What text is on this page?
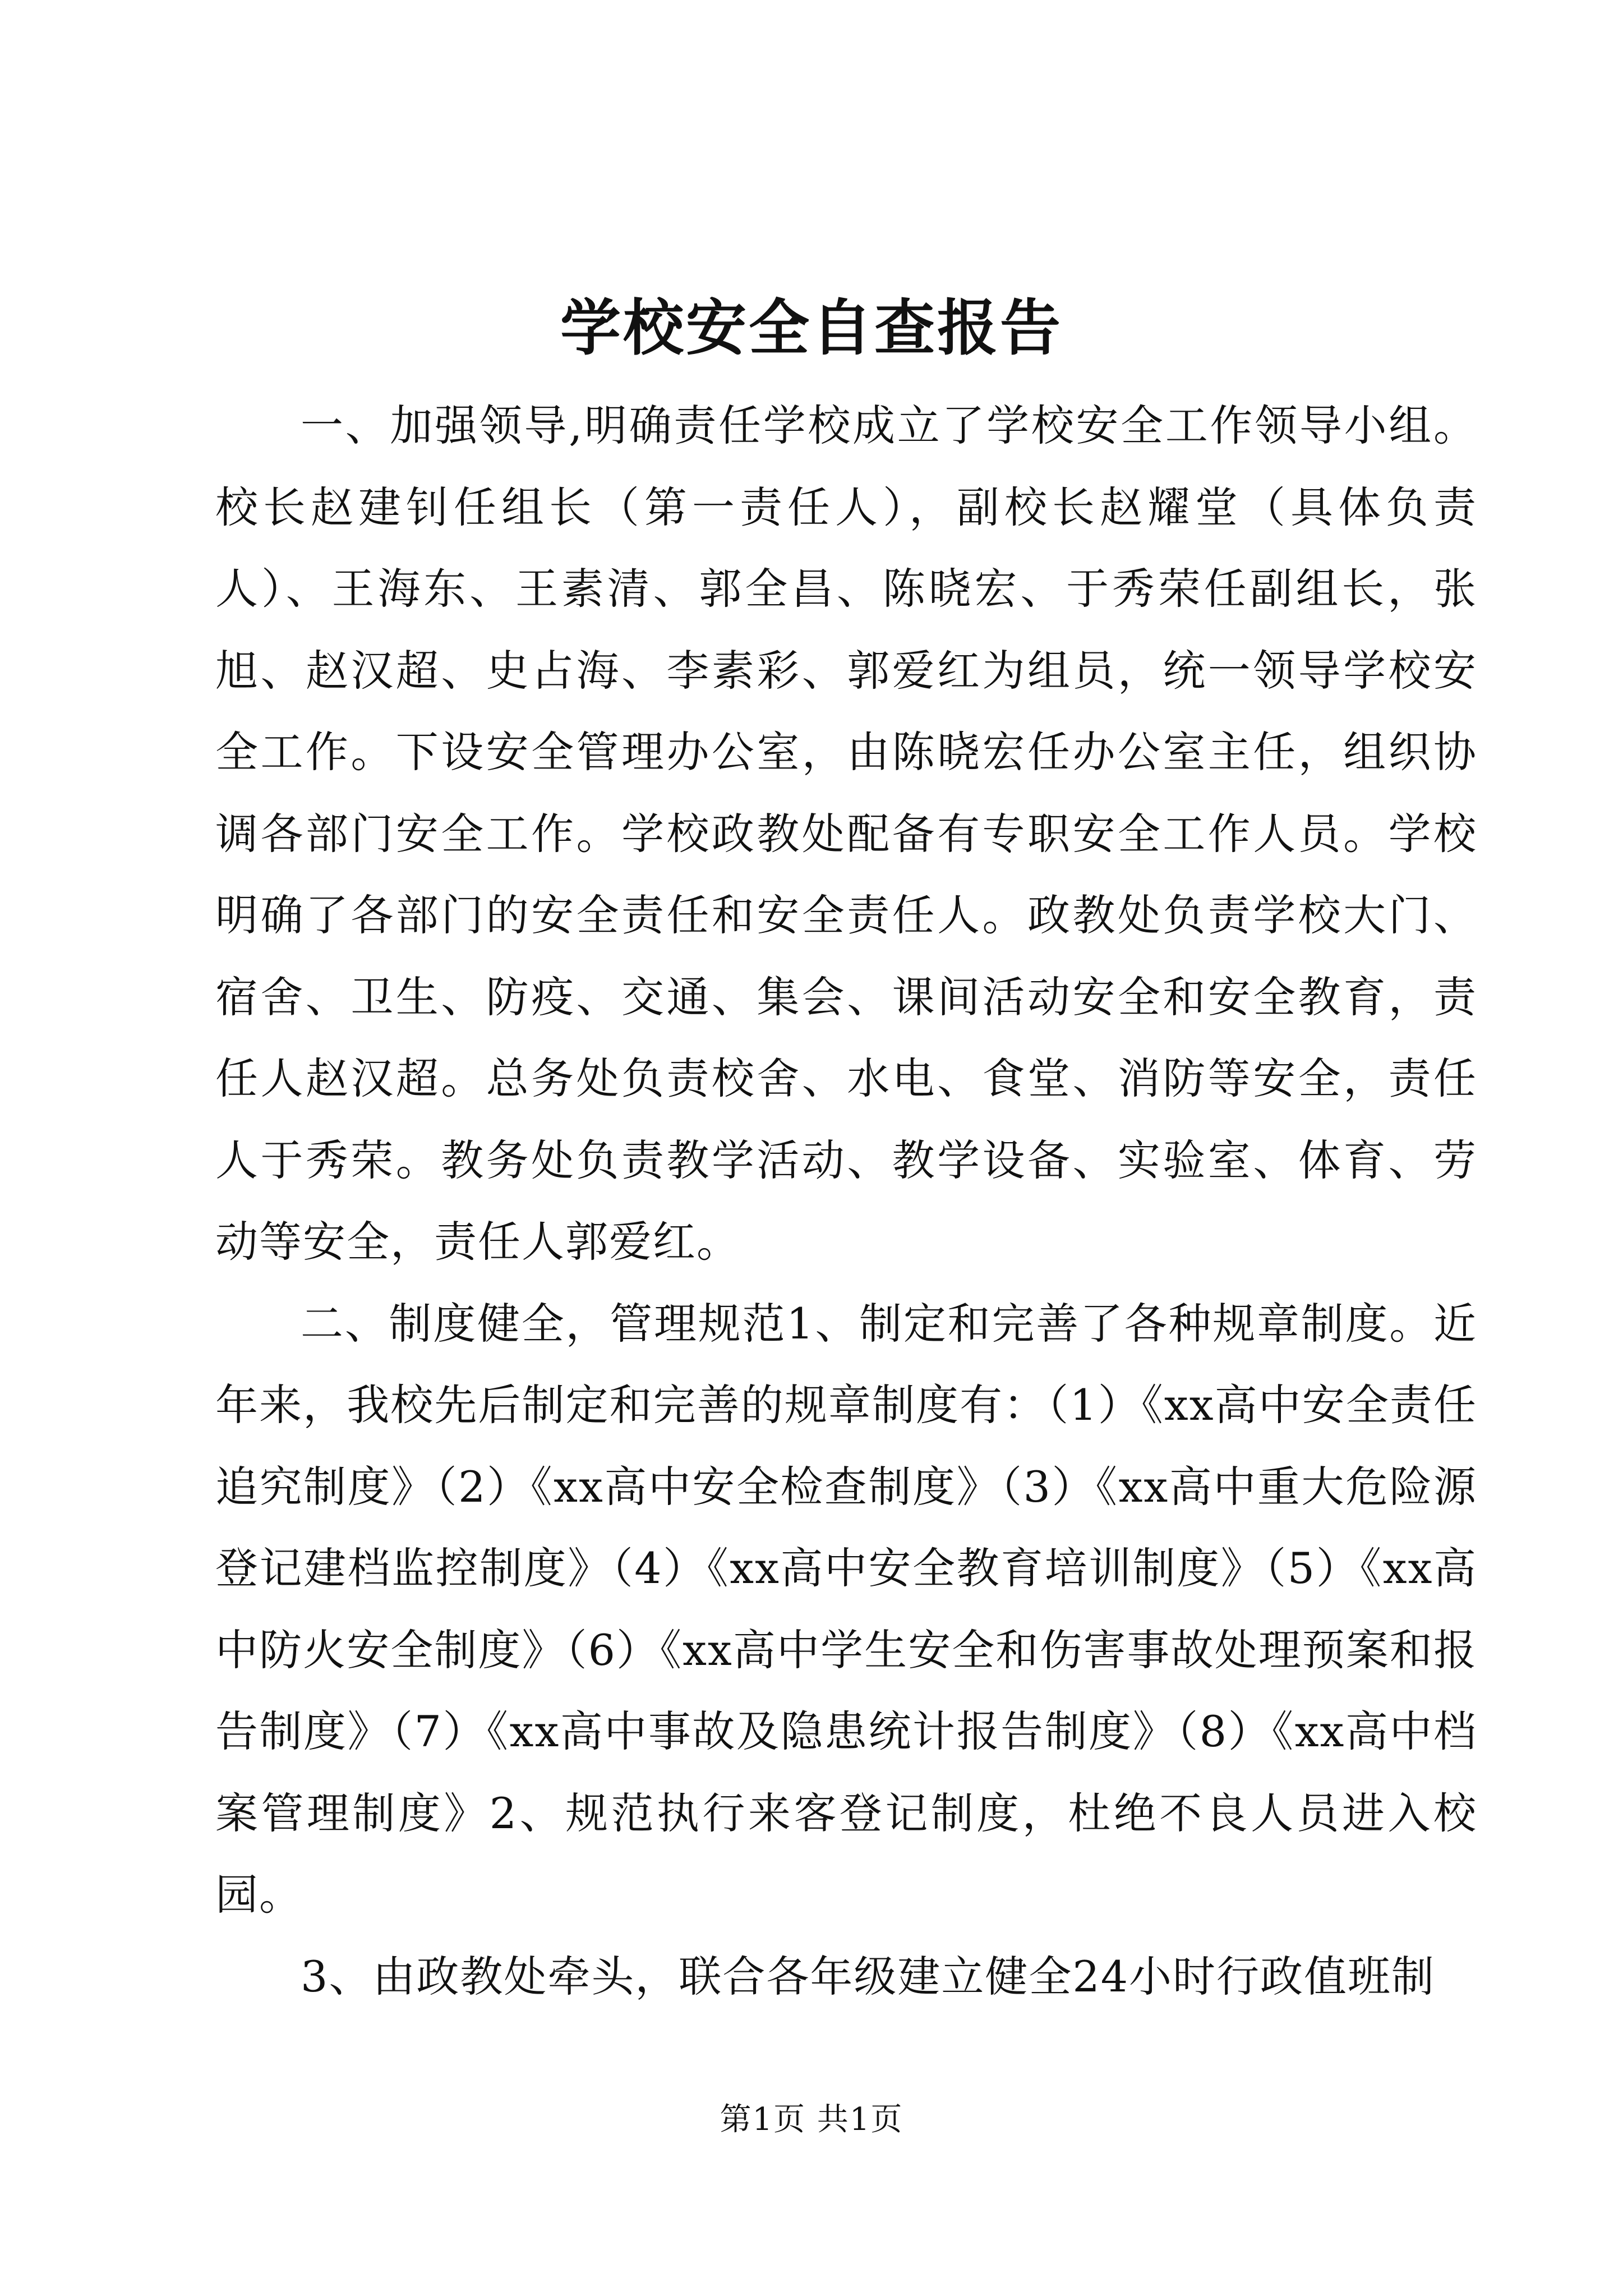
学校安全自查报告

一、加强领导,明确责任学校成立了学校安全工作领导小组。校长赵建钊任组长（第一责任人），副校长赵耀堂（具体负责人）、王海东、王素清、郭全昌、陈晓宏、于秀荣任副组长，张旭、赵汉超、史占海、李素彩、郭爱红为组员，统一领导学校安全工作。下设安全管理办公室，由陈晓宏任办公室主任，组织协调各部门安全工作。学校政教处配备有专职安全工作人员。学校明确了各部门的安全责任和安全责任人。政教处负责学校大门、宿舍、卫生、防疫、交通、集会、课间活动安全和安全教育，责任人赵汉超。总务处负责校舍、水电、食堂、消防等安全，责任人于秀荣。教务处负责教学活动、教学设备、实验室、体育、劳动等安全，责任人郭爱红。

二、制度健全，管理规范1、制定和完善了各种规章制度。近年来，我校先后制定和完善的规章制度有：（1）《xx高中安全责任追究制度》（2）《xx高中安全检查制度》（3）《xx高中重大危险源登记建档监控制度》（4）《xx高中安全教育培训制度》（5）《xx高中防火安全制度》（6）《xx高中学生安全和伤害事故处理预案和报告制度》（7）《xx高中事故及隐患统计报告制度》（8）《xx高中档案管理制度》2、规范执行来客登记制度，杜绝不良人员进入校园。

3、由政教处牵头，联合各年级建立健全24小时行政值班制

第1页 共1页
